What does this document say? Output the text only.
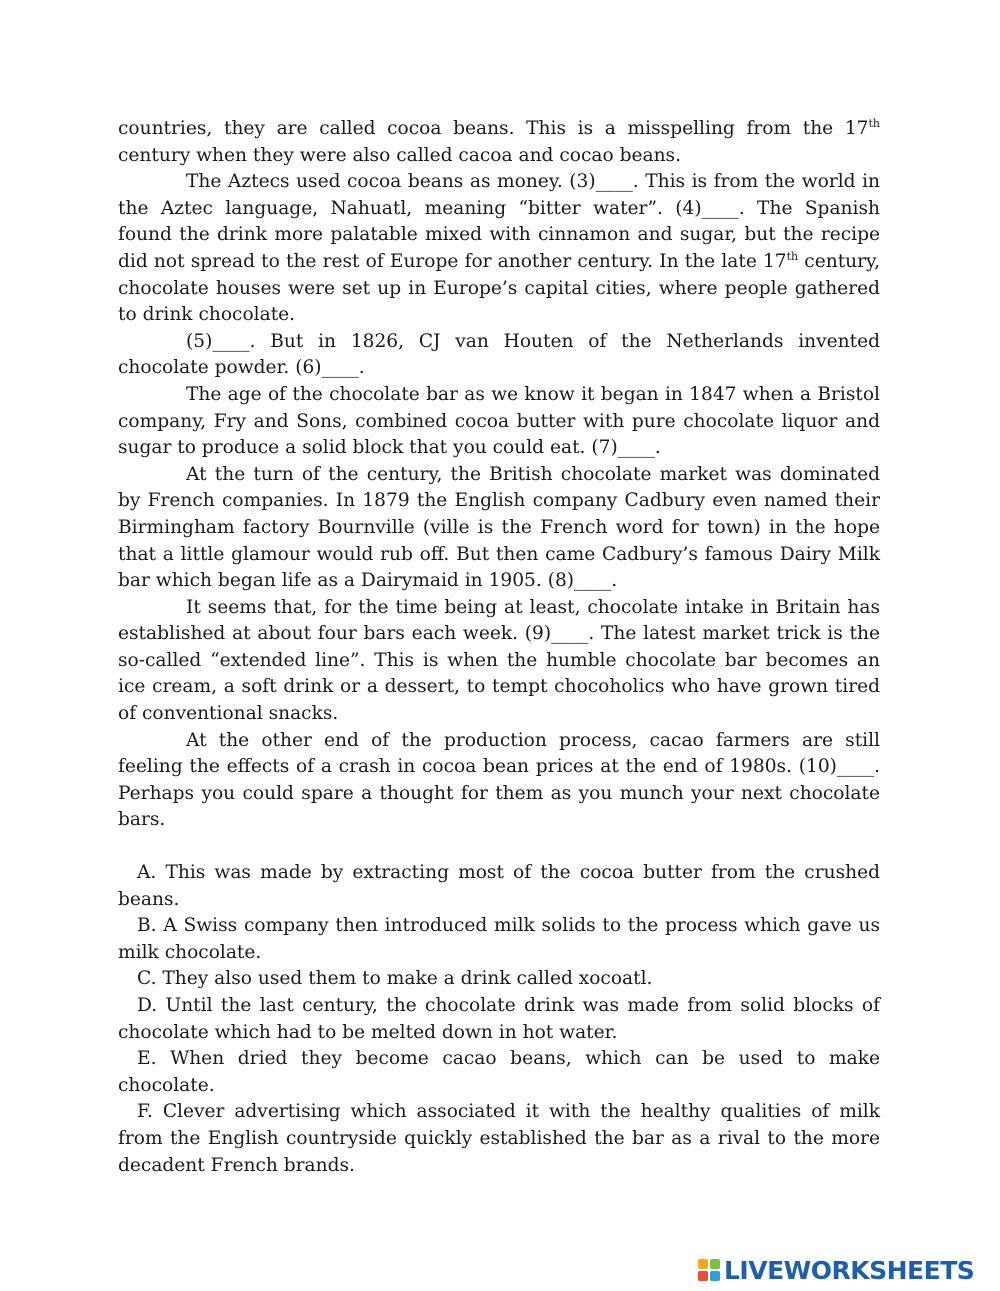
countries, they are called cocoa beans. This is a misspelling from the 17th century when they were also called cacoa and cocao beans.

The Aztecs used cocoa beans as money. (3)____. This is from the world in the Aztec language, Nahuatl, meaning “bitter water”. (4)____. The Spanish found the drink more palatable mixed with cinnamon and sugar, but the recipe did not spread to the rest of Europe for another century. In the late 17th century, chocolate houses were set up in Europe’s capital cities, where people gathered to drink chocolate.

(5)____. But in 1826, CJ van Houten of the Netherlands invented chocolate powder. (6)____.

The age of the chocolate bar as we know it began in 1847 when a Bristol company, Fry and Sons, combined cocoa butter with pure chocolate liquor and sugar to produce a solid block that you could eat. (7)____.

At the turn of the century, the British chocolate market was dominated by French companies. In 1879 the English company Cadbury even named their Birmingham factory Bournville (ville is the French word for town) in the hope that a little glamour would rub off. But then came Cadbury’s famous Dairy Milk bar which began life as a Dairymaid in 1905. (8)____.

It seems that, for the time being at least, chocolate intake in Britain has established at about four bars each week. (9)____. The latest market trick is the so-called “extended line”. This is when the humble chocolate bar becomes an ice cream, a soft drink or a dessert, to tempt chocoholics who have grown tired of conventional snacks.

At the other end of the production process, cacao farmers are still feeling the effects of a crash in cocoa bean prices at the end of 1980s. (10)____. Perhaps you could spare a thought for them as you munch your next chocolate bars.

A. This was made by extracting most of the cocoa butter from the crushed beans.

B. A Swiss company then introduced milk solids to the process which gave us milk chocolate.

C. They also used them to make a drink called xocoatl.

D. Until the last century, the chocolate drink was made from solid blocks of chocolate which had to be melted down in hot water.

E. When dried they become cacao beans, which can be used to make chocolate.

F. Clever advertising which associated it with the healthy qualities of milk from the English countryside quickly established the bar as a rival to the more decadent French brands.

LIVEWORKSHEETS
